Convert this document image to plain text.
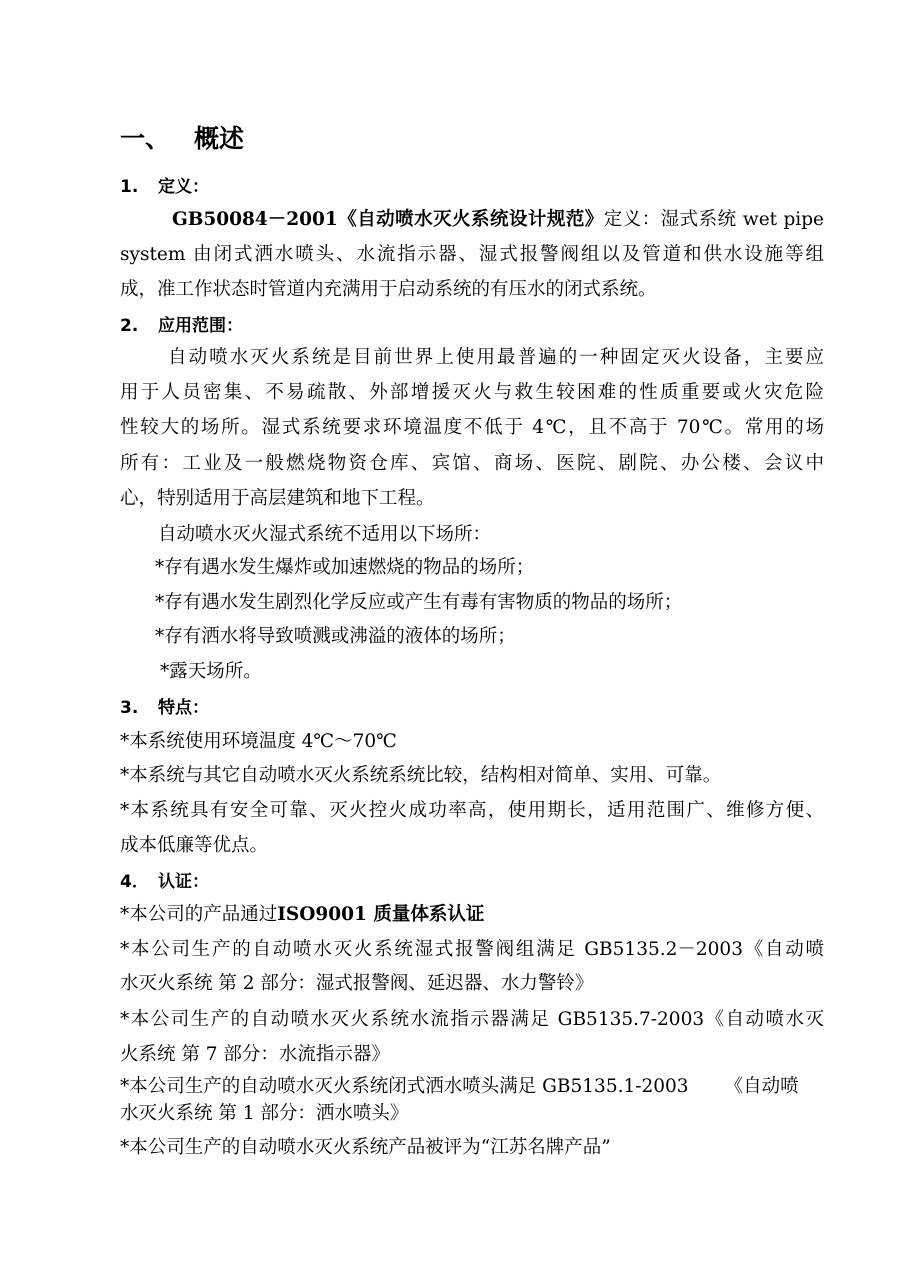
一、 概述
1. 定义：
GB50084－2001《自动喷水灭火系统设计规范》定义：湿式系统 wet pipe
system 由闭式洒水喷头、水流指示器、湿式报警阀组以及管道和供水设施等组
成，准工作状态时管道内充满用于启动系统的有压水的闭式系统。
2. 应用范围：
自动喷水灭火系统是目前世界上使用最普遍的一种固定灭火设备，主要应
用于人员密集、不易疏散、外部增援灭火与救生较困难的性质重要或火灾危险
性较大的场所。湿式系统要求环境温度不低于 4℃，且不高于 70℃。常用的场
所有：工业及一般燃烧物资仓库、宾馆、商场、医院、剧院、办公楼、会议中
心，特别适用于高层建筑和地下工程。
自动喷水灭火湿式系统不适用以下场所：
*存有遇水发生爆炸或加速燃烧的物品的场所；
*存有遇水发生剧烈化学反应或产生有毒有害物质的物品的场所；
*存有洒水将导致喷溅或沸溢的液体的场所；
*露天场所。
3. 特点：
*本系统使用环境温度 4℃～70℃
*本系统与其它自动喷水灭火系统系统比较，结构相对简单、实用、可靠。
*本系统具有安全可靠、灭火控火成功率高，使用期长，适用范围广、维修方便、
成本低廉等优点。
4． 认证：
*本公司的产品通过ISO9001 质量体系认证
*本公司生产的自动喷水灭火系统湿式报警阀组满足 GB5135.2－2003《自动喷
水灭火系统 第 2 部分：湿式报警阀、延迟器、水力警铃》
*本公司生产的自动喷水灭火系统水流指示器满足 GB5135.7-2003《自动喷水灭
火系统 第 7 部分：水流指示器》
*本公司生产的自动喷水灭火系统闭式洒水喷头满足 GB5135.1-2003 《自动喷
水灭火系统 第 1 部分：洒水喷头》
*本公司生产的自动喷水灭火系统产品被评为“江苏名牌产品”
